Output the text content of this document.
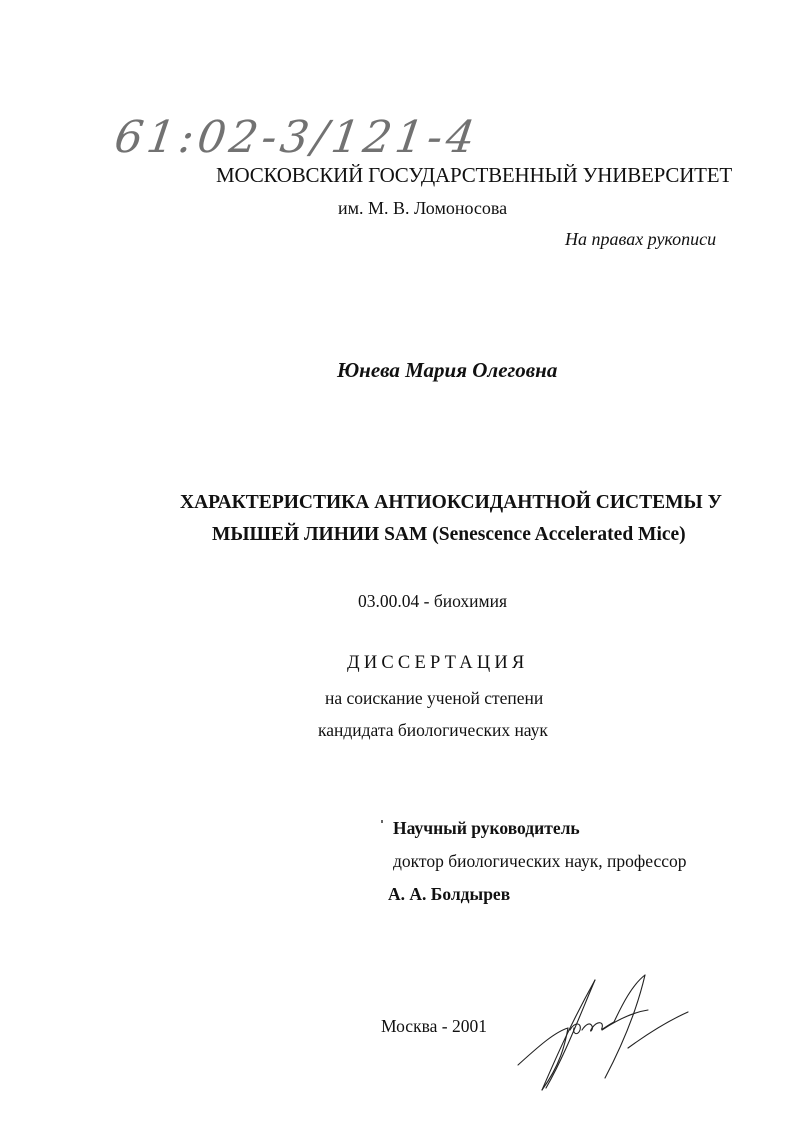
61:02-3/121-4
МОСКОВСКИЙ ГОСУДАРСТВЕННЫЙ УНИВЕРСИТЕТ
им. М. В. Ломоносова
На правах рукописи
Юнева Мария Олеговна
ХАРАКТЕРИСТИКА АНТИОКСИДАНТНОЙ СИСТЕМЫ У
МЫШЕЙ ЛИНИИ SAM (Senescence Accelerated Mice)
03.00.04 - биохимия
ДИССЕРТАЦИЯ
на соискание ученой степени
кандидата биологических наук
Научный руководитель
доктор биологических наук, профессор
А. А. Болдырев
Москва - 2001
